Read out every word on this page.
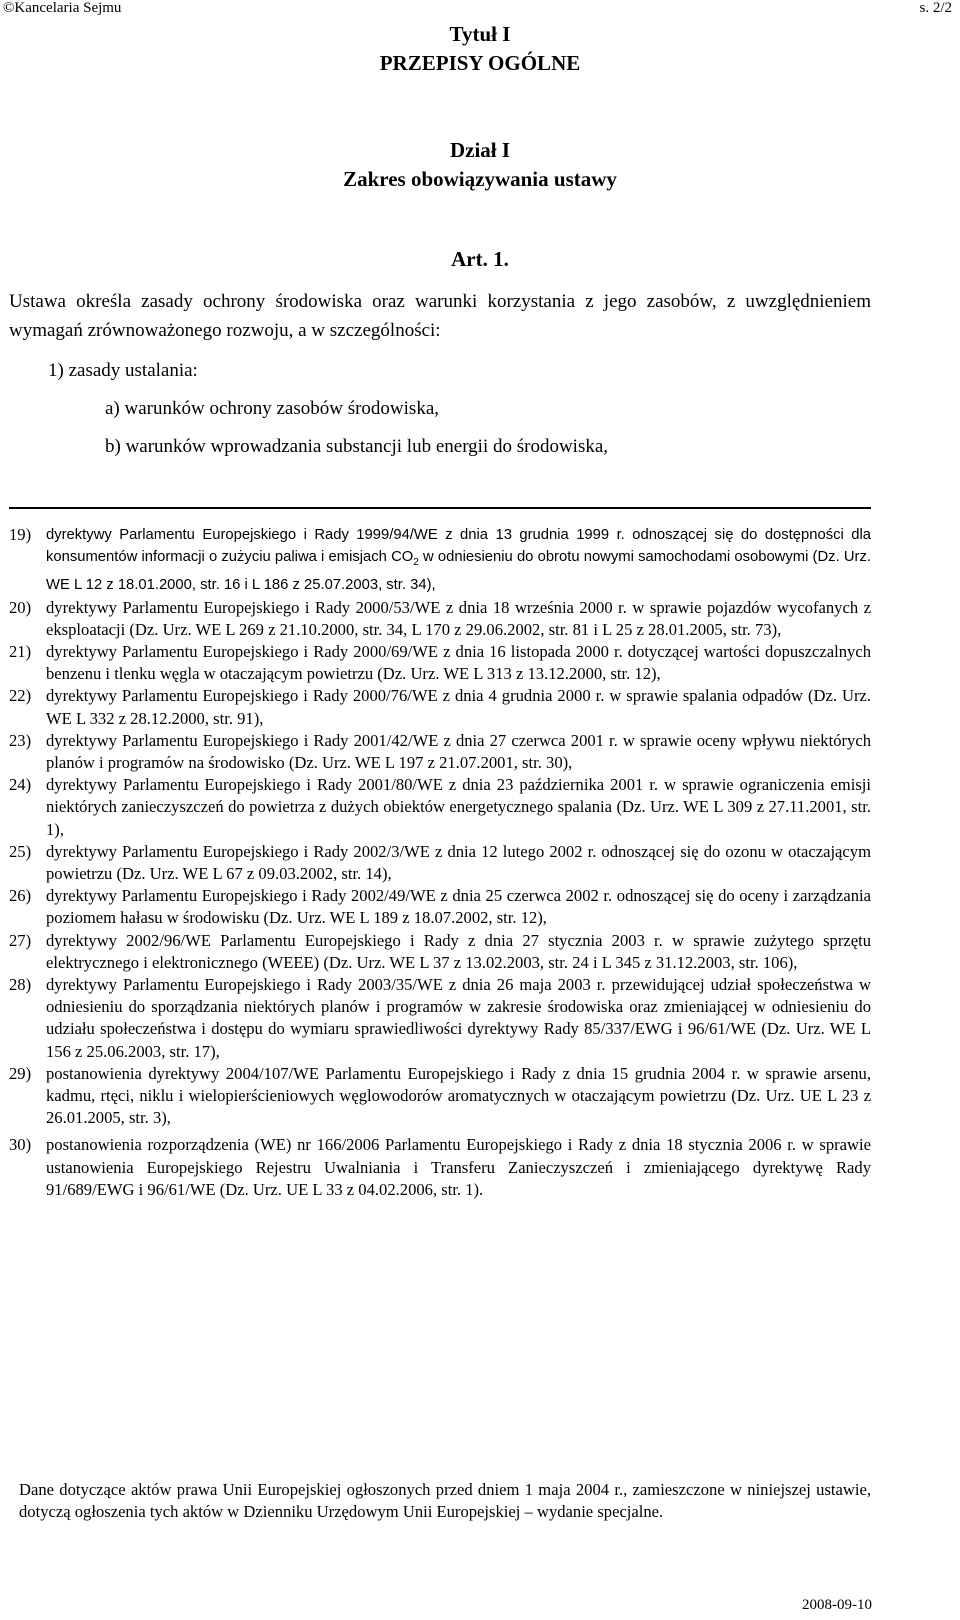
©Kancelaria Sejmu	s. 2/2
Tytuł I
PRZEPISY OGÓLNE
Dział I
Zakres obowiązywania ustawy
Art. 1.
Ustawa określa zasady ochrony środowiska oraz warunki korzystania z jego zasobów, z uwzględnieniem wymagań zrównoważonego rozwoju, a w szczególności:
1) zasady ustalania:
a) warunków ochrony zasobów środowiska,
b) warunków wprowadzania substancji lub energii do środowiska,
19)	dyrektywy Parlamentu Europejskiego i Rady 1999/94/WE z dnia 13 grudnia 1999 r. odnoszącej się do dostępności dla konsumentów informacji o zużyciu paliwa i emisjach $CO_2$ w odniesieniu do obrotu nowymi samochodami osobowymi (Dz. Urz. WE L 12 z 18.01.2000, str. 16 i L 186 z 25.07.2003, str. 34),
20) dyrektywy Parlamentu Europejskiego i Rady 2000/53/WE z dnia 18 września 2000 r. w sprawie pojazdów wycofanych z eksploatacji (Dz. Urz. WE L 269 z 21.10.2000, str. 34, L 170 z 29.06.2002, str. 81 i L 25 z 28.01.2005, str. 73),
21) dyrektywy Parlamentu Europejskiego i Rady 2000/69/WE z dnia 16 listopada 2000 r. dotyczącej wartości dopuszczalnych benzenu i tlenku węgla w otaczającym powietrzu (Dz. Urz. WE L 313 z 13.12.2000, str. 12),
22) dyrektywy Parlamentu Europejskiego i Rady 2000/76/WE z dnia 4 grudnia 2000 r. w sprawie spalania odpadów (Dz. Urz. WE L 332 z 28.12.2000, str. 91),
23) dyrektywy Parlamentu Europejskiego i Rady 2001/42/WE z dnia 27 czerwca 2001 r. w sprawie oceny wpływu niektórych planów i programów na środowisko (Dz. Urz. WE L 197 z 21.07.2001, str. 30),
24) dyrektywy Parlamentu Europejskiego i Rady 2001/80/WE z dnia 23 października 2001 r. w sprawie ograniczenia emisji niektórych zanieczyszczeń do powietrza z dużych obiektów energetycznego spalania (Dz. Urz. WE L 309 z 27.11.2001, str. 1),
25) dyrektywy Parlamentu Europejskiego i Rady 2002/3/WE z dnia 12 lutego 2002 r. odnoszącej się do ozonu w otaczającym powietrzu (Dz. Urz. WE L 67 z 09.03.2002, str. 14),
26) dyrektywy Parlamentu Europejskiego i Rady 2002/49/WE z dnia 25 czerwca 2002 r. odnoszącej się do oceny i zarządzania poziomem hałasu w środowisku (Dz. Urz. WE L 189 z 18.07.2002, str. 12),
27) dyrektywy 2002/96/WE Parlamentu Europejskiego i Rady z dnia 27 stycznia 2003 r. w sprawie zużytego sprzętu elektrycznego i elektronicznego (WEEE) (Dz. Urz. WE L 37 z 13.02.2003, str. 24 i L 345 z 31.12.2003, str. 106),
28) dyrektywy Parlamentu Europejskiego i Rady 2003/35/WE z dnia 26 maja 2003 r. przewidującej udział społeczeństwa w odniesieniu do sporządzania niektórych planów i programów w zakresie środowiska oraz zmieniającej w odniesieniu do udziału społeczeństwa i dostępu do wymiaru sprawiedliwości dyrektywy Rady 85/337/EWG i 96/61/WE (Dz. Urz. WE L 156 z 25.06.2003, str. 17),
29) postanowienia dyrektywy 2004/107/WE Parlamentu Europejskiego i Rady z dnia 15 grudnia 2004 r. w sprawie arsenu, kadmu, rtęci, niklu i wielopierścieniowych węglowodorów aromatycznych w otaczającym powietrzu (Dz. Urz. UE L 23 z 26.01.2005, str. 3),
30) postanowienia rozporządzenia (WE) nr 166/2006 Parlamentu Europejskiego i Rady z dnia 18 stycznia 2006 r. w sprawie ustanowienia Europejskiego Rejestru Uwalniania i Transferu Zanieczyszczeń i zmieniającego dyrektywę Rady 91/689/EWG i 96/61/WE (Dz. Urz. UE L 33 z 04.02.2006, str. 1).
Dane dotyczące aktów prawa Unii Europejskiej ogłoszonych przed dniem 1 maja 2004 r., zamieszczone w niniejszej ustawie, dotyczą ogłoszenia tych aktów w Dzienniku Urzędowym Unii Europejskiej – wydanie specjalne.
2008-09-10
